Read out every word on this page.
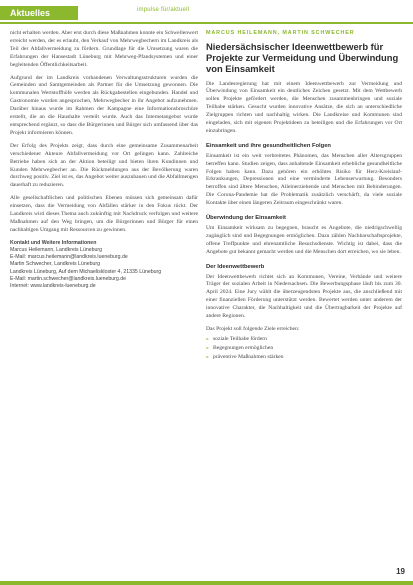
Aktuelles	impulse für/aktuell

nicht erhalten werden. Aber erst durch diese Maßnahmen konnte ein Schwellenwert erreicht werden, der es erlaubt, den Verkauf von Mehrwegbechern im Landkreis als Teil der Abfallvermeidung zu fördern. Grundlage für die Umsetzung waren die Erfahrungen der Hansestadt Lüneburg mit Mehrweg-Pfandsystemen und einer begleitenden Öffentlichkeitsarbeit.

Aufgrund der im Landkreis vorhandenen Verwaltungsstrukturen wurden die Gemeinden und Samtgemeinden als Partner für die Umsetzung gewonnen. Die kommunalen Wertstoffhöfe werden als Rückgabestellen eingebunden. Handel und Gastronomie wurden angesprochen, Mehrwegbecher in ihr Angebot aufzunehmen. Darüber hinaus wurde im Rahmen der Kampagne eine Informationsbroschüre erstellt, die an die Haushalte verteilt wurde. Auch das Internetangebot wurde entsprechend ergänzt, so dass die Bürgerinnen und Bürger sich umfassend über das Projekt informieren können.

Der Erfolg des Projekts zeigt, dass durch eine gemeinsame Zusammenarbeit verschiedener Akteure Abfallvermeidung vor Ort gelingen kann. Zahlreiche Betriebe haben sich an der Aktion beteiligt und bieten ihren Kundinnen und Kunden Mehrwegbecher an. Die Rückmeldungen aus der Bevölkerung waren durchweg positiv. Ziel ist es, das Angebot weiter auszubauen und die Abfallmengen dauerhaft zu reduzieren.

Alle gesellschaftlichen und politischen Ebenen müssen sich gemeinsam dafür einsetzen, dass die Vermeidung von Abfällen stärker in den Fokus rückt. Der Landkreis wird dieses Thema auch zukünftig mit Nachdruck verfolgen und weitere Maßnahmen auf den Weg bringen, um die Bürgerinnen und Bürger für einen nachhaltigen Umgang mit Ressourcen zu gewinnen.

Kontakt und Weitere Informationen
Marcus Heilemann, Landkreis Lüneburg
E-Mail: marcus.heilemann@landkreis.lueneburg.de
Martin Schwecher, Landkreis Lüneburg
Landkreis Lüneburg, Auf dem Michaeliskloster 4, 21335 Lüneburg
E-Mail: martin.schwecher@landkreis.lueneburg.de
Internet: www.landkreis-lueneburg.de
MARCUS HEILEMANN, MARTIN SCHWECHER
Niedersächsischer Ideenwettbewerb für Projekte zur Vermeidung und Überwindung von Einsamkeit

Die Landesregierung hat mit einem Ideenwettbewerb zur Vermeidung und Überwindung von Einsamkeit ein deutliches Zeichen gesetzt. Mit dem Wettbewerb sollen Projekte gefördert werden, die Menschen zusammenbringen und soziale Teilhabe stärken. Gesucht wurden innovative Ansätze, die sich an unterschiedliche Zielgruppen richten und nachhaltig wirken. Die Landkreise und Kommunen sind eingeladen, sich mit eigenen Projektideen zu beteiligen und die Erfahrungen vor Ort einzubringen.

Einsamkeit und ihre gesundheitlichen Folgen

Einsamkeit ist ein weit verbreitetes Phänomen, das Menschen aller Altersgruppen betreffen kann. Studien zeigen, dass anhaltende Einsamkeit erhebliche gesundheitliche Folgen haben kann. Dazu gehören ein erhöhtes Risiko für Herz-Kreislauf-Erkrankungen, Depressionen und eine verminderte Lebenserwartung. Besonders betroffen sind ältere Menschen, Alleinerziehende und Menschen mit Behinderungen. Die Corona-Pandemie hat die Problematik zusätzlich verschärft, da viele soziale Kontakte über einen längeren Zeitraum eingeschränkt waren.

Überwindung der Einsamkeit

Um Einsamkeit wirksam zu begegnen, braucht es Angebote, die niedrigschwellig zugänglich sind und Begegnungen ermöglichen. Dazu zählen Nachbarschaftsprojekte, offene Treffpunkte und ehrenamtliche Besuchsdienste. Wichtig ist dabei, dass die Angebote gut bekannt gemacht werden und die Menschen dort erreichen, wo sie leben.

Der Ideenwettbewerb

Der Ideenwettbewerb richtet sich an Kommunen, Vereine, Verbände und weitere Träger der sozialen Arbeit in Niedersachsen. Die Bewerbungsphase läuft bis zum 30. April 2024. Eine Jury wählt die überzeugendsten Projekte aus, die anschließend mit einer finanziellen Förderung unterstützt werden. Bewertet werden unter anderem der innovative Charakter, die Nachhaltigkeit und die Übertragbarkeit der Projekte auf andere Regionen.

Das Projekt soll folgende Ziele erreichen:

» soziale Teilhabe fördern
» Begegnungen ermöglichen
» präventive Maßnahmen stärken
19
